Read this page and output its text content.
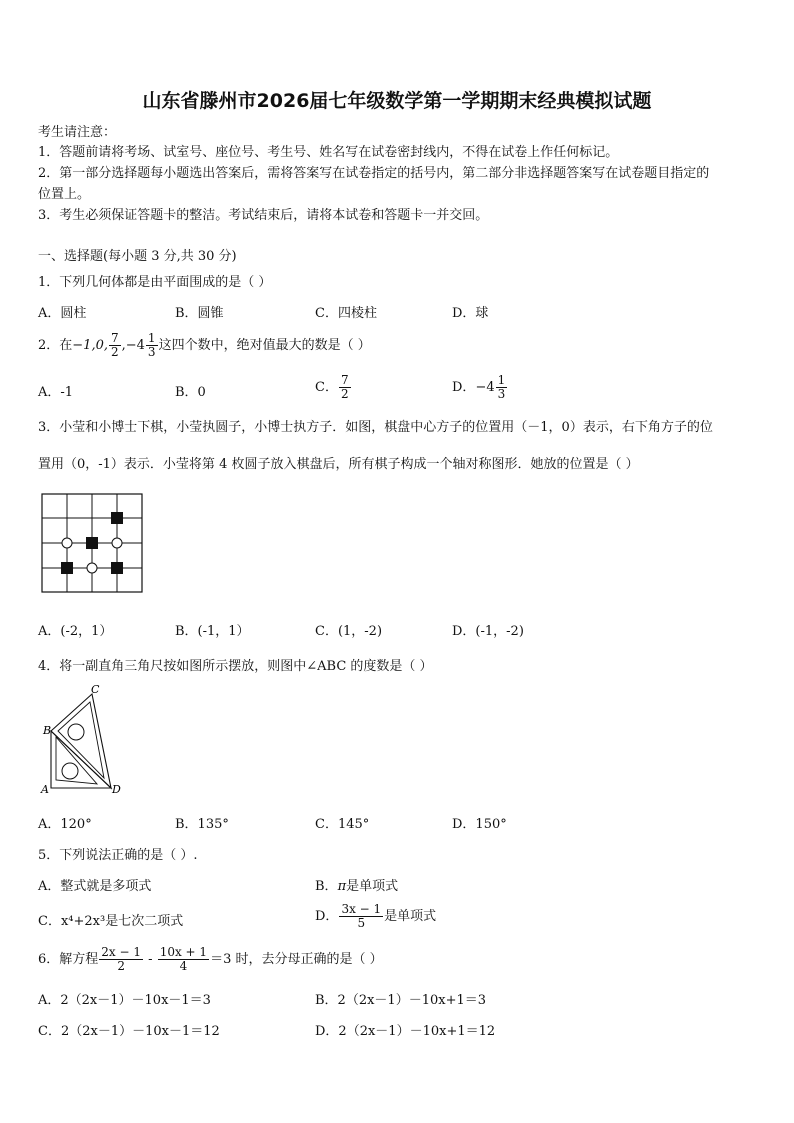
山东省滕州市2026届七年级数学第一学期期末经典模拟试题
考生请注意：
1．答题前请将考场、试室号、座位号、考生号、姓名写在试卷密封线内，不得在试卷上作任何标记。
2．第一部分选择题每小题选出答案后，需将答案写在试卷指定的括号内，第二部分非选择题答案写在试卷题目指定的
位置上。
3．考生必须保证答题卡的整洁。考试结束后，请将本试卷和答题卡一并交回。
一、选择题(每小题 3 分,共 30 分)
1．下列几何体都是由平面围成的是（ ）
A．圆柱	B．圆锥	C．四棱柱	D．球
2．在−1,0, $\frac{7}{2} ,-4 \frac{1}{3}$ 这四个数中，绝对值最大的数是（ ）
A．-1	B．0	C． $\frac{7}{2}$	D．$-4 \frac{1}{3}$
3．小莹和小博士下棋，小莹执圆子，小博士执方子．如图，棋盘中心方子的位置用（－1，0）表示，右下角方子的位
置用（0，-1）表示．小莹将第 4 枚圆子放入棋盘后，所有棋子构成一个轴对称图形．她放的位置是（ ）
A．(-2，1）	B．(-1，1）	C．(1，-2)	D．(-1，-2)
4．将一副直角三角尺按如图所示摆放，则图中∠ABC 的度数是（ ）
C
B
A	D
A．120°	B．135°	C．145°	D．150°
5．下列说法正确的是（ ）.
A．整式就是多项式	B．π是单项式
C．x⁴+2x³是七次二项式	D． $\frac{3x - 1}{5}$ 是单项式
6．解方程 $\frac{2x - 1}{2} - \frac{10x + 1}{4} =3$ 时，去分母正确的是（ ）
A．2（2x－1）－10x－1＝3	B．2（2x－1）－10x+1＝3
C．2（2x－1）－10x－1＝12	D．2（2x－1）－10x+1＝12
